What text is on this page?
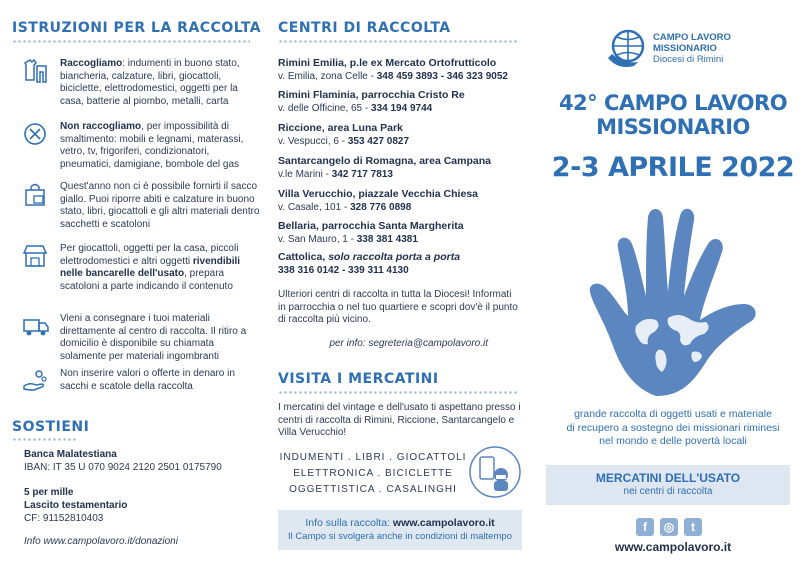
ISTRUZIONI PER LA RACCOLTA
Raccogliamo: indumenti in buono stato, biancheria, calzature, libri, giocattoli, biciclette, elettrodomestici, oggetti per la casa, batterie al piombo, metalli, carta
Non raccogliamo, per impossibilità di smaltimento: mobili e legnami, materassi, vetro, tv, frigoriferi, condizionatori, pneumatici, damigiane, bombole del gas
Quest'anno non ci è possibile fornirti il sacco giallo. Puoi riporre abiti e calzature in buono stato, libri, giocattoli e gli altri materiali dentro sacchetti e scatoloni
Per giocattoli, oggetti per la casa, piccoli elettrodomestici e altri oggetti rivendibili nelle bancarelle dell'usato, prepara scatoloni a parte indicando il contenuto
Vieni a consegnare i tuoi materiali direttamente al centro di raccolta. Il ritiro a domicilio è disponibile su chiamata solamente per materiali ingombranti
Non inserire valori o offerte in denaro in sacchi e scatole della raccolta
SOSTIENI
Banca Malatestiana
IBAN: IT 35 U 070 9024 2120 2501 0175790
5 per mille
Lascito testamentario
CF: 91152810403
Info www.campolavoro.it/donazioni
CENTRI DI RACCOLTA
Rimini Emilia, p.le ex Mercato Ortofrutticolo
v. Emilia, zona Celle - 348 459 3893 - 346 323 9052
Rimini Flaminia, parrocchia Cristo Re
v. delle Officine, 65 - 334 194 9744
Riccione, area Luna Park
v. Vespucci, 6 - 353 427 0827
Santarcangelo di Romagna, area Campana
v.le Marini - 342 717 7813
Villa Verucchio, piazzale Vecchia Chiesa
v. Casale, 101 - 328 776 0898
Bellaria, parrocchia Santa Margherita
v. San Mauro, 1 - 338 381 4381
Cattolica, solo raccolta porta a porta
338 316 0142 - 339 311 4130
Ulteriori centri di raccolta in tutta la Diocesi! Informati in parrocchia o nel tuo quartiere e scopri dov'è il punto di raccolta più vicino.
per info: segreteria@campolavoro.it
VISITA I MERCATINI
I mercatini del vintage e dell'usato ti aspettano presso i centri di raccolta di Rimini, Riccione, Santarcangelo e Villa Verucchio!
INDUMENTI . LIBRI . GIOCATTOLI
ELETTRONICA . BICICLETTE
OGGETTISTICA . CASALINGHI
Info sulla raccolta: www.campolavoro.it
Il Campo si svolgerà anche in condizioni di maltempo
CAMPO LAVORO
MISSIONARIO
Diocesi di Rimini
42° CAMPO LAVORO
MISSIONARIO
2-3 APRILE 2022
grande raccolta di oggetti usati e materiale
di recupero a sostegno dei missionari riminesi
nel mondo e delle povertà locali
MERCATINI DELL'USATO
nei centri di raccolta
f	◎	t
www.campolavoro.it
